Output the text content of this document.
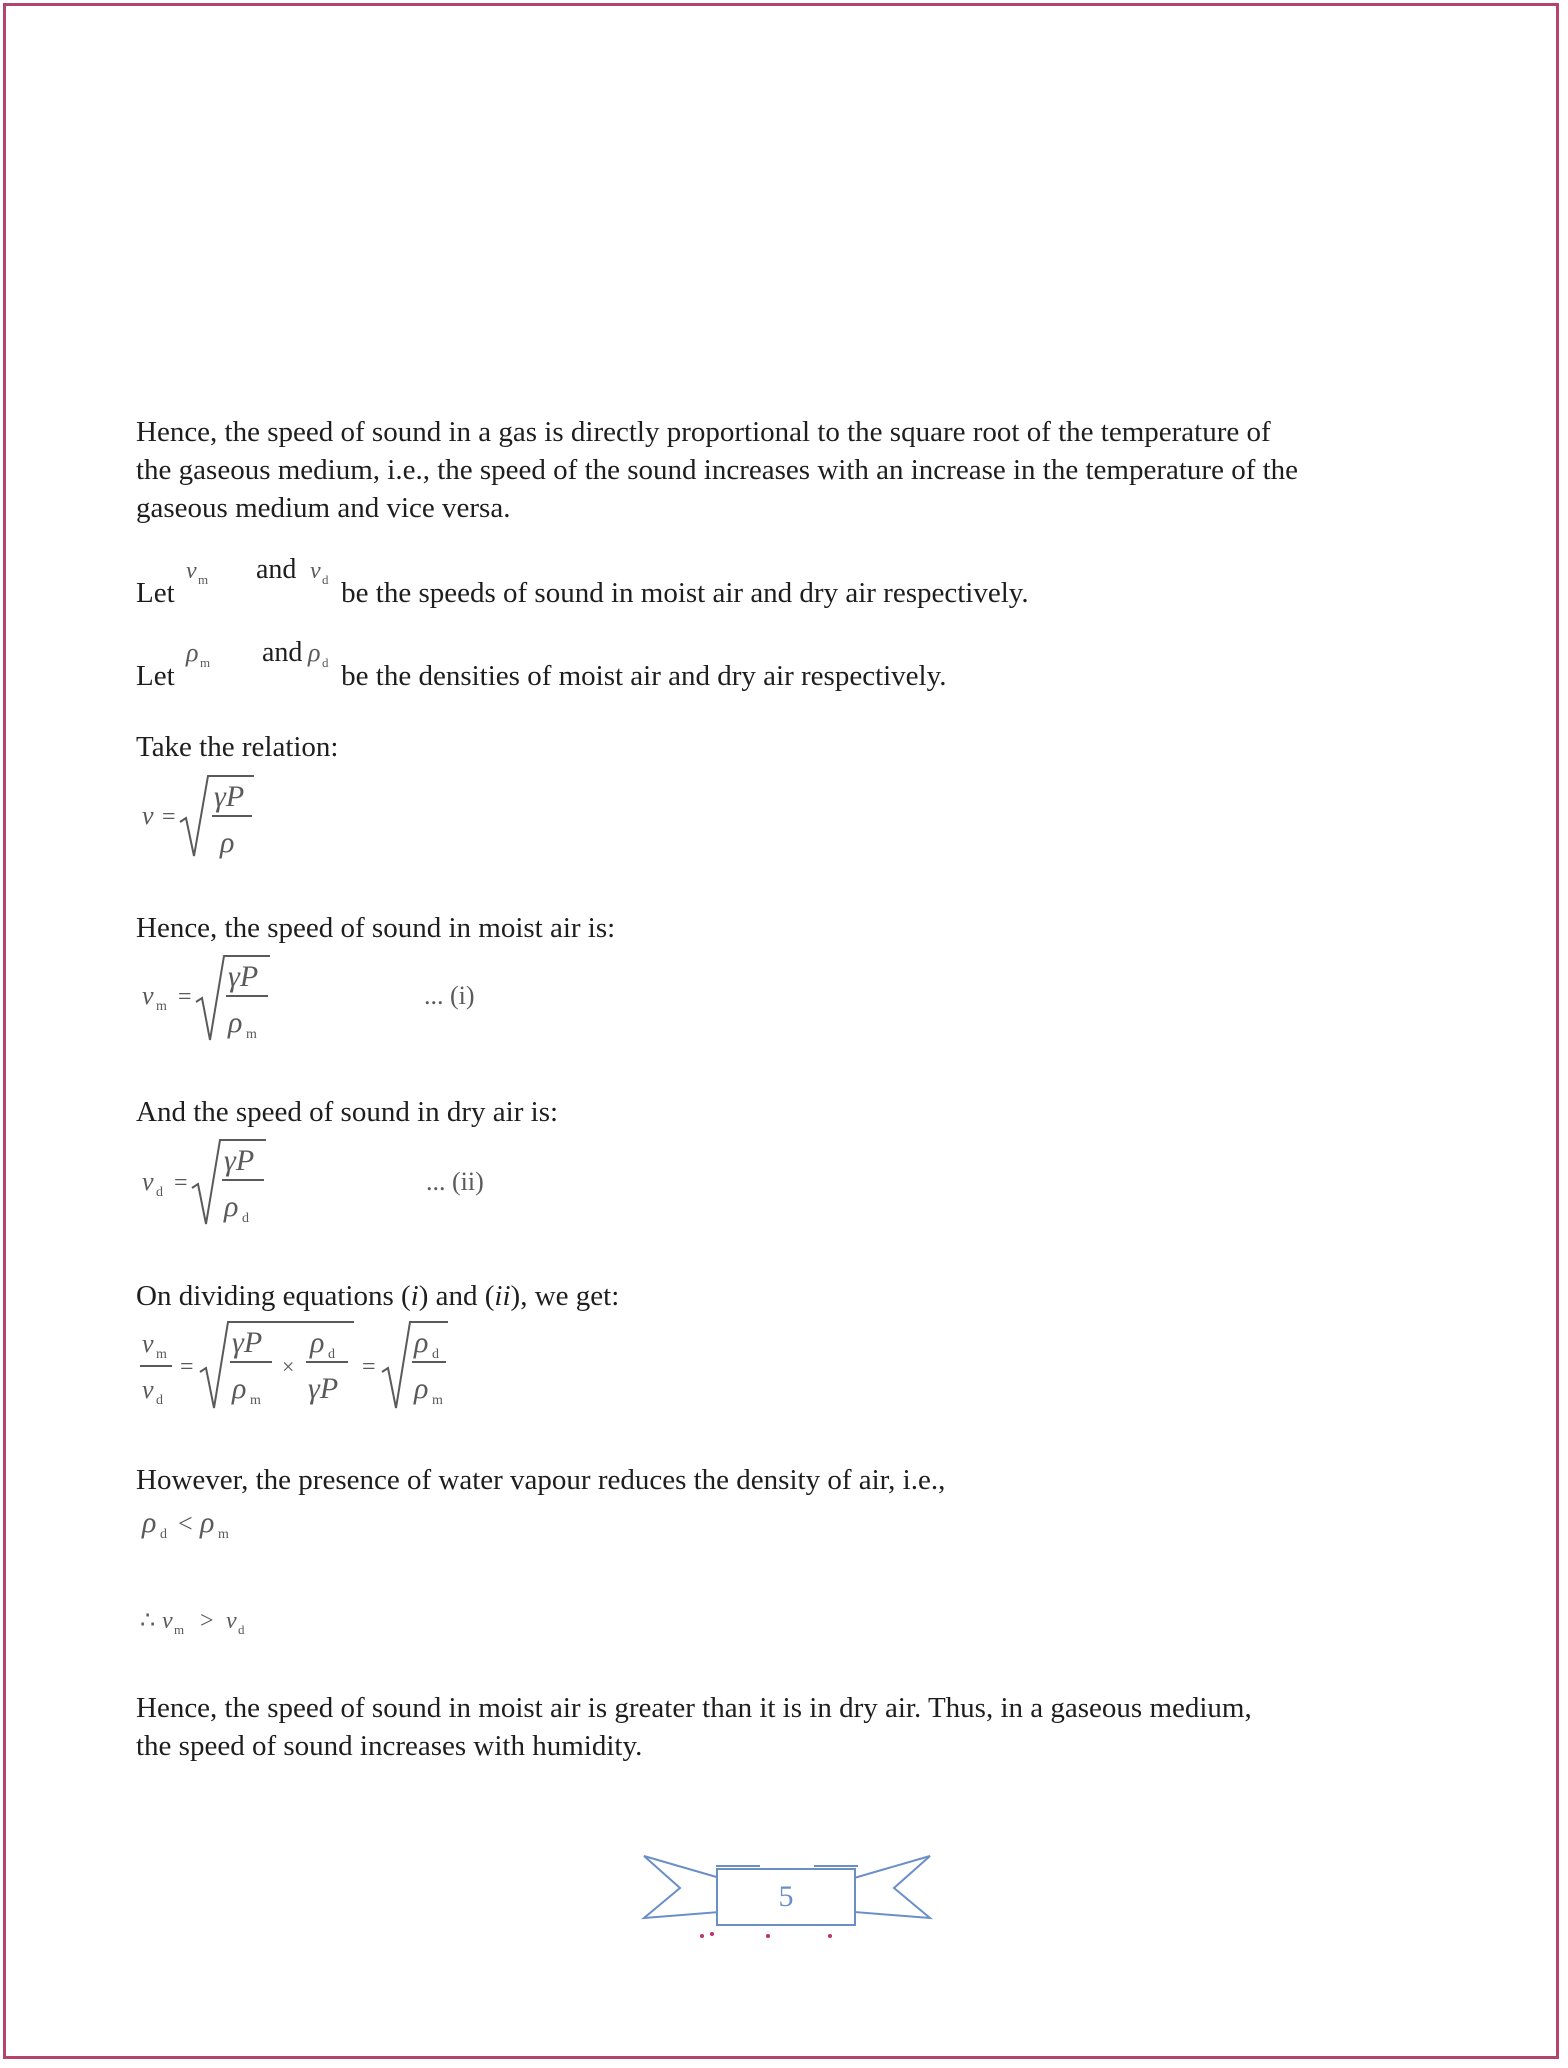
Hence, the speed of sound in a gas is directly proportional to the square root of the temperature of

the gaseous medium, i.e., the speed of the sound increases with an increase in the temperature of the

gaseous medium and vice versa.

Let
v m and v d be the speeds of sound in moist air and dry air respectively.

Let
ρ m and ρ d be the densities of moist air and dry air respectively.

Take the relation:

v =
γP
ρ

Hence, the speed of sound in moist air is:

v m =
γP
ρ m
... (i)

And the speed of sound in dry air is:

v d =
γP
ρ d
... (ii)

On dividing equations (i) and (ii), we get:

v m
v d
=
γP
ρ m
×
ρ d
γP
=
ρ d
ρ m

However, the presence of water vapour reduces the density of air, i.e.,

ρ d < ρ m
∴ v m > v d

Hence, the speed of sound in moist air is greater than it is in dry air. Thus, in a gaseous medium,

the speed of sound increases with humidity.

5
